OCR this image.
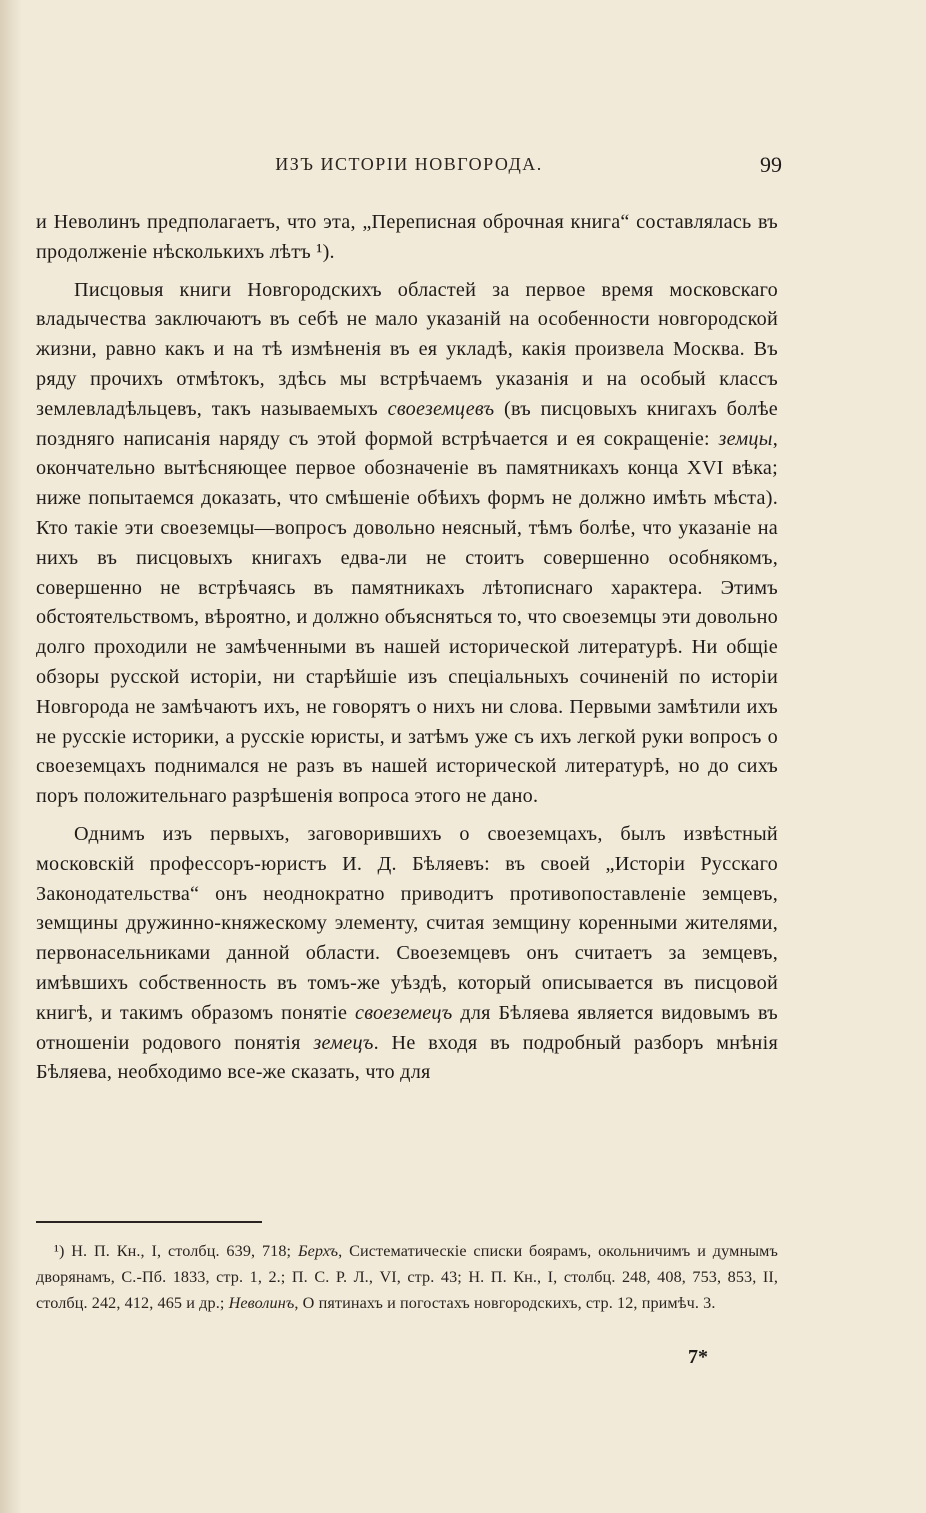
ИЗЪ ИСТОРІИ НОВГОРОДА.	99

и Неволинъ предполагаетъ, что эта, „Переписная оброчная книга“ составлялась въ продолженіе нѣсколькихъ лѣтъ ¹).

Писцовыя книги Новгородскихъ областей за первое время московскаго владычества заключаютъ въ себѣ не мало указаній на особенности новгородской жизни, равно какъ и на тѣ измѣненія въ ея укладѣ, какія произвела Москва. Въ ряду прочихъ отмѣтокъ, здѣсь мы встрѣчаемъ указанія и на особый классъ землевладѣльцевъ, такъ называемыхъ своеземцевъ (въ писцовыхъ книгахъ болѣе поздняго написанія наряду съ этой формой встрѣчается и ея сокращеніе: земцы, окончательно вытѣсняющее первое обозначеніе въ памятникахъ конца XVI вѣка; ниже попытаемся доказать, что смѣшеніе обѣихъ формъ не должно имѣть мѣста). Кто такіе эти своеземцы—вопросъ довольно неясный, тѣмъ болѣе, что указаніе на нихъ въ писцовыхъ книгахъ едва-ли не стоитъ совершенно особнякомъ, совершенно не встрѣчаясь въ памятникахъ лѣтописнаго характера. Этимъ обстоятельствомъ, вѣроятно, и должно объясняться то, что своеземцы эти довольно долго проходили не замѣченными въ нашей исторической литературѣ. Ни общіе обзоры русской исторіи, ни старѣйшіе изъ спеціальныхъ сочиненій по исторіи Новгорода не замѣчаютъ ихъ, не говорятъ о нихъ ни слова. Первыми замѣтили ихъ не русскіе историки, а русскіе юристы, и затѣмъ уже съ ихъ легкой руки вопросъ о своеземцахъ поднимался не разъ въ нашей исторической литературѣ, но до сихъ поръ положительнаго разрѣшенія вопроса этого не дано.

Однимъ изъ первыхъ, заговорившихъ о своеземцахъ, былъ извѣстный московскій профессоръ-юристъ И. Д. Бѣляевъ: въ своей „Исторіи Русскаго Законодательства“ онъ неоднократно приводитъ противопоставленіе земцевъ, земщины дружинно-княжескому элементу, считая земщину коренными жителями, первонасельниками данной области. Своеземцевъ онъ считаетъ за земцевъ, имѣвшихъ собственность въ томъ-же уѣздѣ, который описывается въ писцовой книгѣ, и такимъ образомъ понятіе своеземецъ для Бѣляева является видовымъ въ отношеніи родового понятія земецъ. Не входя въ подробный разборъ мнѣнія Бѣляева, необходимо все-же сказать, что для

¹) Н. П. Кн., I, столбц. 639, 718; Берхъ, Систематическіе списки боярамъ, окольничимъ и думнымъ дворянамъ, С.-Пб. 1833, стр. 1, 2.; П. С. Р. Л., VI, стр. 43; Н. П. Кн., I, столбц. 248, 408, 753, 853, II, столбц. 242, 412, 465 и др.; Неволинъ, О пятинахъ и погостахъ новгородскихъ, стр. 12, примѣч. 3.
7*
